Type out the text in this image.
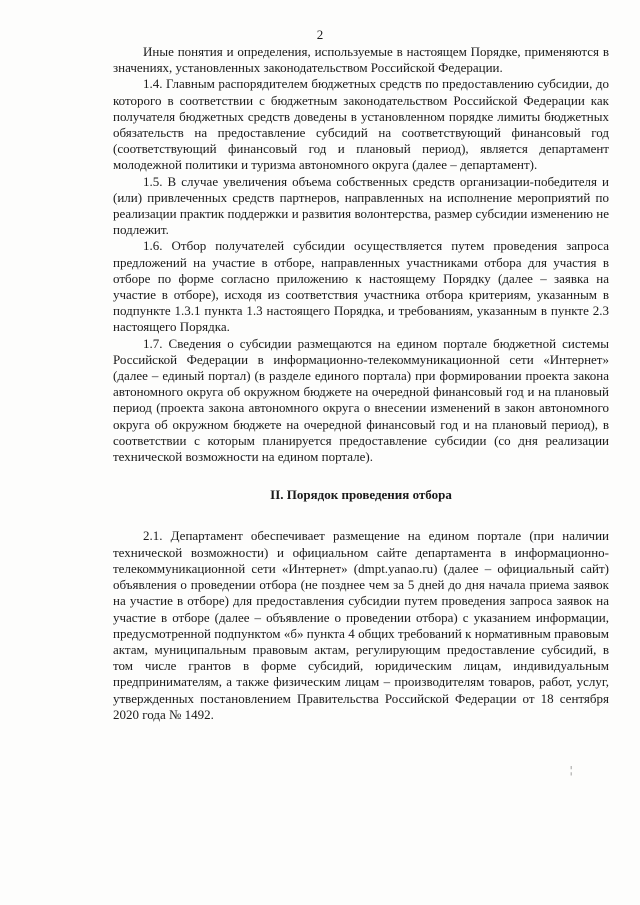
2

Иные понятия и определения, используемые в настоящем Порядке, применяются в значениях, установленных законодательством Российской Федерации.

1.4. Главным распорядителем бюджетных средств по предоставлению субсидии, до которого в соответствии с бюджетным законодательством Российской Федерации как получателя бюджетных средств доведены в установленном порядке лимиты бюджетных обязательств на предоставление субсидий на соответствующий финансовый год (соответствующий финансовый год и плановый период), является департамент молодежной политики и туризма автономного округа (далее – департамент).

1.5. В случае увеличения объема собственных средств организации-победителя и (или) привлеченных средств партнеров, направленных на исполнение мероприятий по реализации практик поддержки и развития волонтерства, размер субсидии изменению не подлежит.

1.6. Отбор получателей субсидии осуществляется путем проведения запроса предложений на участие в отборе, направленных участниками отбора для участия в отборе по форме согласно приложению к настоящему Порядку (далее – заявка на участие в отборе), исходя из соответствия участника отбора критериям, указанным в подпункте 1.3.1 пункта 1.3 настоящего Порядка, и требованиям, указанным в пункте 2.3 настоящего Порядка.

1.7. Сведения о субсидии размещаются на едином портале бюджетной системы Российской Федерации в информационно-телекоммуникационной сети «Интернет» (далее – единый портал) (в разделе единого портала) при формировании проекта закона автономного округа об окружном бюджете на очередной финансовый год и на плановый период (проекта закона автономного округа о внесении изменений в закон автономного округа об окружном бюджете на очередной финансовый год и на плановый период), в соответствии с которым планируется предоставление субсидии (со дня реализации технической возможности на едином портале).

II. Порядок проведения отбора

2.1. Департамент обеспечивает размещение на едином портале (при наличии технической возможности) и официальном сайте департамента в информационно-телекоммуникационной сети «Интернет» (dmpt.yanao.ru) (далее – официальный сайт) объявления о проведении отбора (не позднее чем за 5 дней до дня начала приема заявок на участие в отборе) для предоставления субсидии путем проведения запроса заявок на участие в отборе (далее – объявление о проведении отбора) с указанием информации, предусмотренной подпунктом «б» пункта 4 общих требований к нормативным правовым актам, муниципальным правовым актам, регулирующим предоставление субсидий, в том числе грантов в форме субсидий, юридическим лицам, индивидуальным предпринимателям, а также физическим лицам – производителям товаров, работ, услуг, утвержденных постановлением Правительства Российской Федерации от 18 сентября 2020 года № 1492.

¦
